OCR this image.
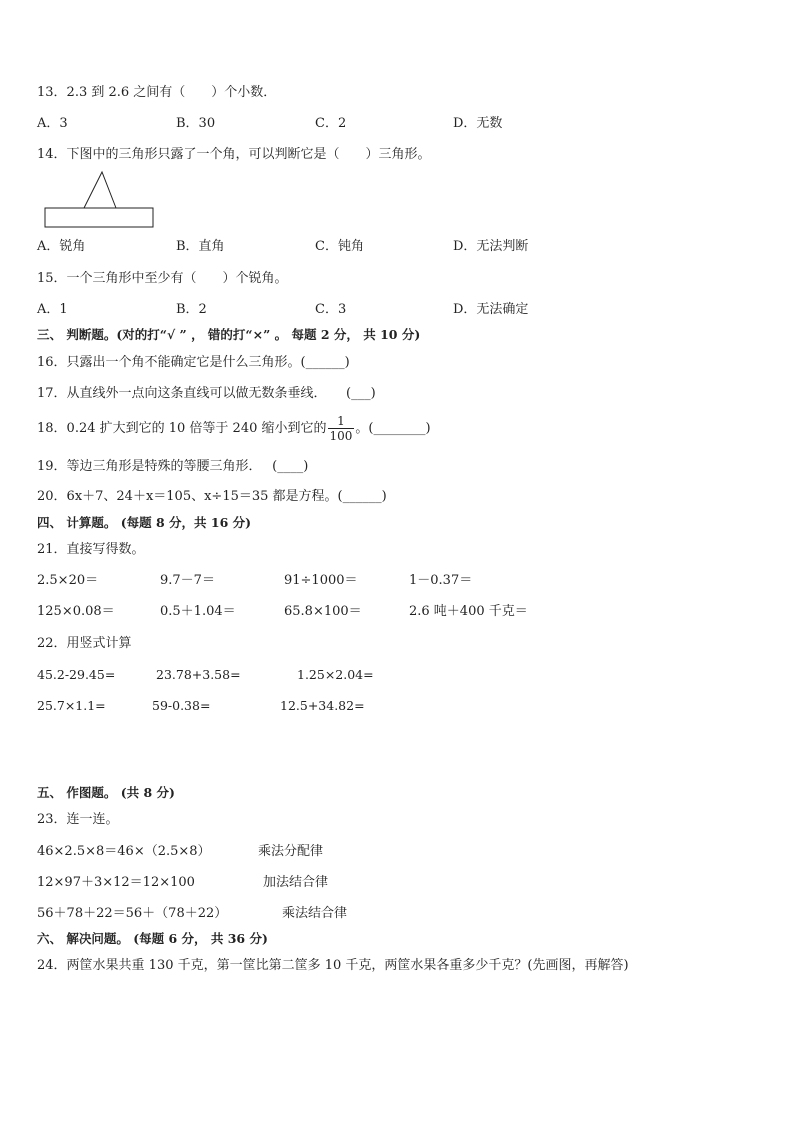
13．2.3 到 2.6 之间有（　　）个小数．
A．3	B．30	C．2	D．无数
14．下图中的三角形只露了一个角，可以判断它是（　　）三角形。
A．锐角	B．直角	C．钝角	D．无法判断
15．一个三角形中至少有（　　）个锐角。
A．1	B．2	C．3	D．无法确定
三、 判断题。(对的打“√ ” ， 错的打“×” 。 每题 2 分， 共 10 分)
16．只露出一个角不能确定它是什么三角形。(______)
17．从直线外一点向这条直线可以做无数条垂线．　　(___)
18．0.24 扩大到它的 10 倍等于 240 缩小到它的 $\frac{1}{100}$ 。(________)
19．等边三角形是特殊的等腰三角形．　 (____)
20．6x＋7、24＋x＝105、x÷15＝35 都是方程。(______)
四、 计算题。 (每题 8 分，共 16 分)
21．直接写得数。
2.5×20＝	9.7－7＝	91÷1000＝	1－0.37＝
125×0.08＝	0.5＋1.04＝	65.8×100＝	2.6 吨＋400 千克＝
22．用竖式计算
45.2-29.45=	23.78+3.58=	1.25×2.04=
25.7×1.1=	59-0.38=	12.5+34.82=
五、 作图题。 (共 8 分)
23．连一连。
46×2.5×8＝46×（2.5×8）	乘法分配律
12×97＋3×12＝12×100	加法结合律
56＋78＋22＝56＋（78＋22）	乘法结合律
六、 解决问题。 (每题 6 分， 共 36 分)
24．两筐水果共重 130 千克，第一筐比第二筐多 10 千克，两筐水果各重多少千克？(先画图，再解答)
